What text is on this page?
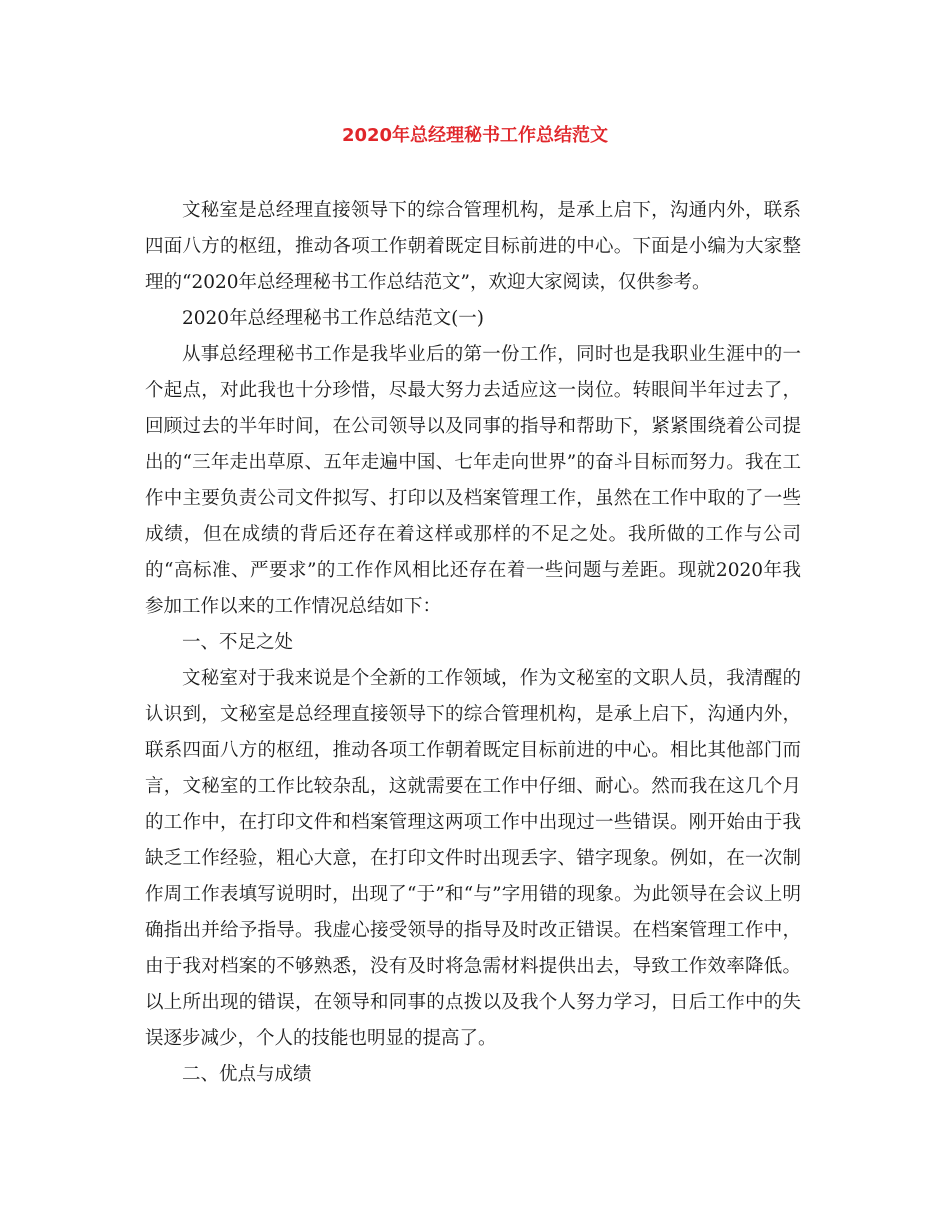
2020年总经理秘书工作总结范文

文秘室是总经理直接领导下的综合管理机构，是承上启下，沟通内外，联系四面八方的枢纽，推动各项工作朝着既定目标前进的中心。下面是小编为大家整理的“2020年总经理秘书工作总结范文”，欢迎大家阅读，仅供参考。

2020年总经理秘书工作总结范文(一)

从事总经理秘书工作是我毕业后的第一份工作，同时也是我职业生涯中的一个起点，对此我也十分珍惜，尽最大努力去适应这一岗位。转眼间半年过去了，回顾过去的半年时间，在公司领导以及同事的指导和帮助下，紧紧围绕着公司提出的“三年走出草原、五年走遍中国、七年走向世界”的奋斗目标而努力。我在工作中主要负责公司文件拟写、打印以及档案管理工作，虽然在工作中取的了一些成绩，但在成绩的背后还存在着这样或那样的不足之处。我所做的工作与公司的“高标准、严要求”的工作作风相比还存在着一些问题与差距。现就2020年我参加工作以来的工作情况总结如下：

一、不足之处

文秘室对于我来说是个全新的工作领域，作为文秘室的文职人员，我清醒的认识到，文秘室是总经理直接领导下的综合管理机构，是承上启下，沟通内外，联系四面八方的枢纽，推动各项工作朝着既定目标前进的中心。相比其他部门而言，文秘室的工作比较杂乱，这就需要在工作中仔细、耐心。然而我在这几个月的工作中，在打印文件和档案管理这两项工作中出现过一些错误。刚开始由于我缺乏工作经验，粗心大意，在打印文件时出现丢字、错字现象。例如，在一次制作周工作表填写说明时，出现了“于”和“与”字用错的现象。为此领导在会议上明确指出并给予指导。我虚心接受领导的指导及时改正错误。在档案管理工作中，由于我对档案的不够熟悉，没有及时将急需材料提供出去，导致工作效率降低。以上所出现的错误，在领导和同事的点拨以及我个人努力学习，日后工作中的失误逐步减少，个人的技能也明显的提高了。

二、优点与成绩
